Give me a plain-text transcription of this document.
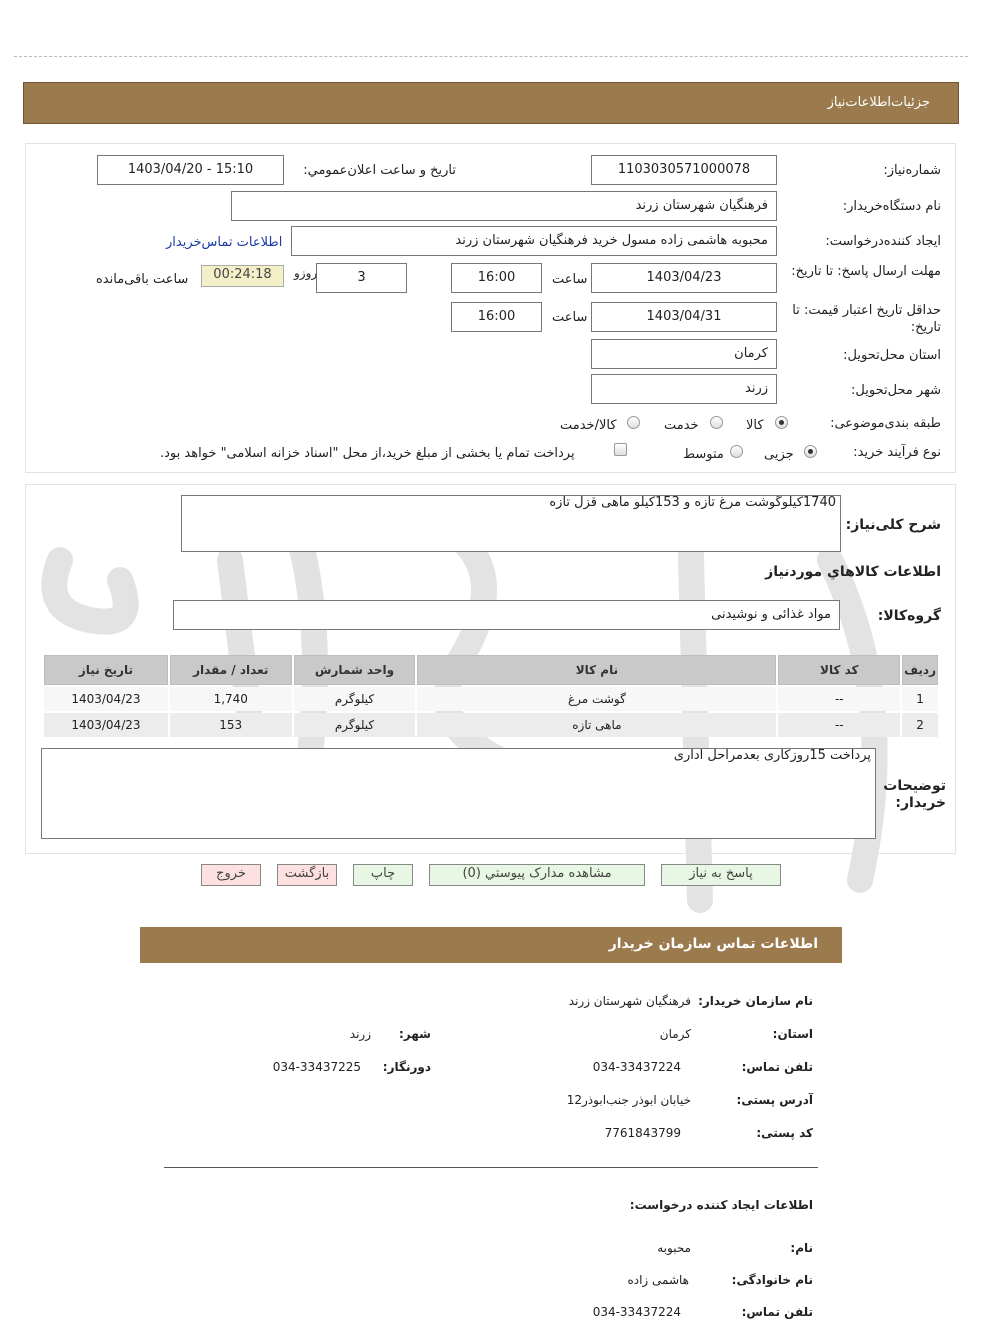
جزئیات‌اطلاعات‌نیاز
شماره‌نیاز:
1103030571000078
تاریخ و ساعت اعلان‌عمومي:
1403/04/20 - 15:10
نام دستگاه‌خریدار:
فرهنگیان شهرستان زرند
ایجاد کننده‌درخواست:
محبوبه هاشمی زاده مسول خرید فرهنگیان شهرستان زرند
اطلاعات تماس‌خریدار
مهلت ارسال پاسخ: تا تاریخ:
1403/04/23
ساعت
16:00
3
روزو
00:24:18
ساعت باقی‌مانده
حداقل تاریخ اعتبار قیمت: تا تاریخ:
1403/04/31
ساعت
16:00
استان محل‌تحویل:
کرمان
شهر محل‌تحویل:
زرند
طبقه بندی‌موضوعی:
کالا
خدمت
کالا/خدمت
نوع فرآیند خرید:
جزیی
متوسط
پرداخت تمام یا بخشی از مبلغ خرید،از محل "اسناد خزانه اسلامی" خواهد بود.
شرح کلی‌نیاز:
1740کیلوگوشت مرغ تازه و 153کیلو ماهی قزل تازه
اطلاعات کالاهاي مورد‌نیاز
گروه‌کالا:
مواد غذائی و نوشیدنی
ردیف	کد کالا	نام کالا	واحد شمارش	تعداد / مقدار	تاریخ نیاز
1	--	گوشت مرغ	کیلوگرم	1,740	1403/04/23
2	--	ماهی تازه	کیلوگرم	153	1403/04/23
توضیحات خریدار:
پرداخت 15روزکاری بعدمراحل اداری
پاسخ به نیاز
مشاهده مدارک پیوستي (0)
چاپ
بازگشت
خروج
اطلاعات تماس سازمان خریدار
نام سازمان خریدار:
فرهنگیان شهرستان زرند
استان:
کرمان
شهر:
زرند
تلفن تماس:
034-33437224
دورنگار:
034-33437225
آدرس پستی:
خیابان ابوذر جنب‌ابوذر12
کد پستی:
7761843799
اطلاعات ایجاد کننده درخواست:
نام:
محبوبه
نام خانوادگی:
هاشمی زاده
تلفن تماس:
034-33437224
